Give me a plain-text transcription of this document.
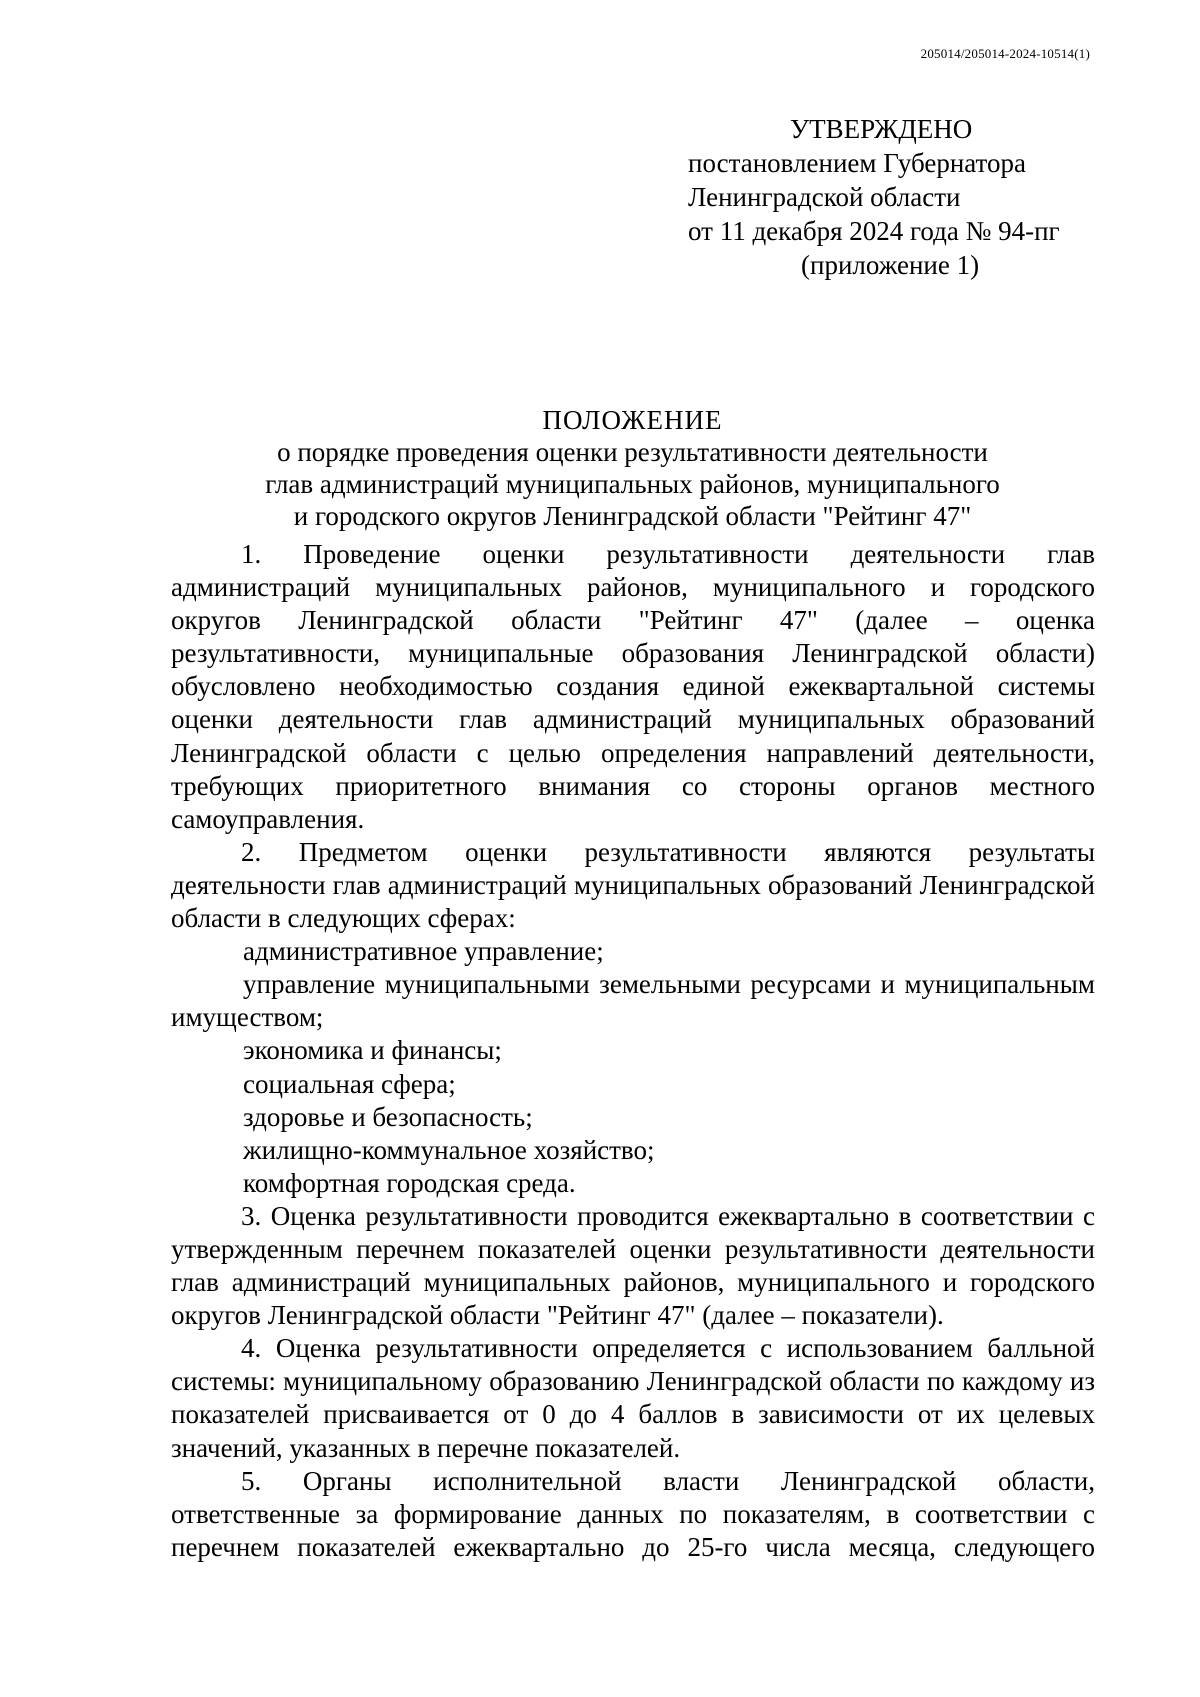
205014/205014-2024-10514(1)
УТВЕРЖДЕНО
постановлением Губернатора
Ленинградской области
от 11 декабря 2024 года № 94-пг
(приложение 1)
ПОЛОЖЕНИЕ
о порядке проведения оценки результативности деятельности
глав администраций муниципальных районов, муниципального
и городского округов Ленинградской области "Рейтинг 47"

1. Проведение оценки результативности деятельности глав администраций муниципальных районов, муниципального и городского округов Ленинградской области "Рейтинг 47" (далее – оценка результативности, муниципальные образования Ленинградской области) обусловлено необходимостью создания единой ежеквартальной системы оценки деятельности глав администраций муниципальных образований Ленинградской области с целью определения направлений деятельности, требующих приоритетного внимания со стороны органов местного самоуправления.

2. Предметом оценки результативности являются результаты деятельности глав администраций муниципальных образований Ленинградской области в следующих сферах:

административное управление;

управление муниципальными земельными ресурсами и муниципальным имуществом;

экономика и финансы;

социальная сфера;

здоровье и безопасность;

жилищно-коммунальное хозяйство;

комфортная городская среда.

3. Оценка результативности проводится ежеквартально в соответствии с утвержденным перечнем показателей оценки результативности деятельности глав администраций муниципальных районов, муниципального и городского округов Ленинградской области "Рейтинг 47" (далее – показатели).

4. Оценка результативности определяется с использованием балльной системы: муниципальному образованию Ленинградской области по каждому из показателей присваивается от 0 до 4 баллов в зависимости от их целевых значений, указанных в перечне показателей.

5. Органы исполнительной власти Ленинградской области, ответственные за формирование данных по показателям, в соответствии с перечнем показателей ежеквартально до 25-го числа месяца, следующего
